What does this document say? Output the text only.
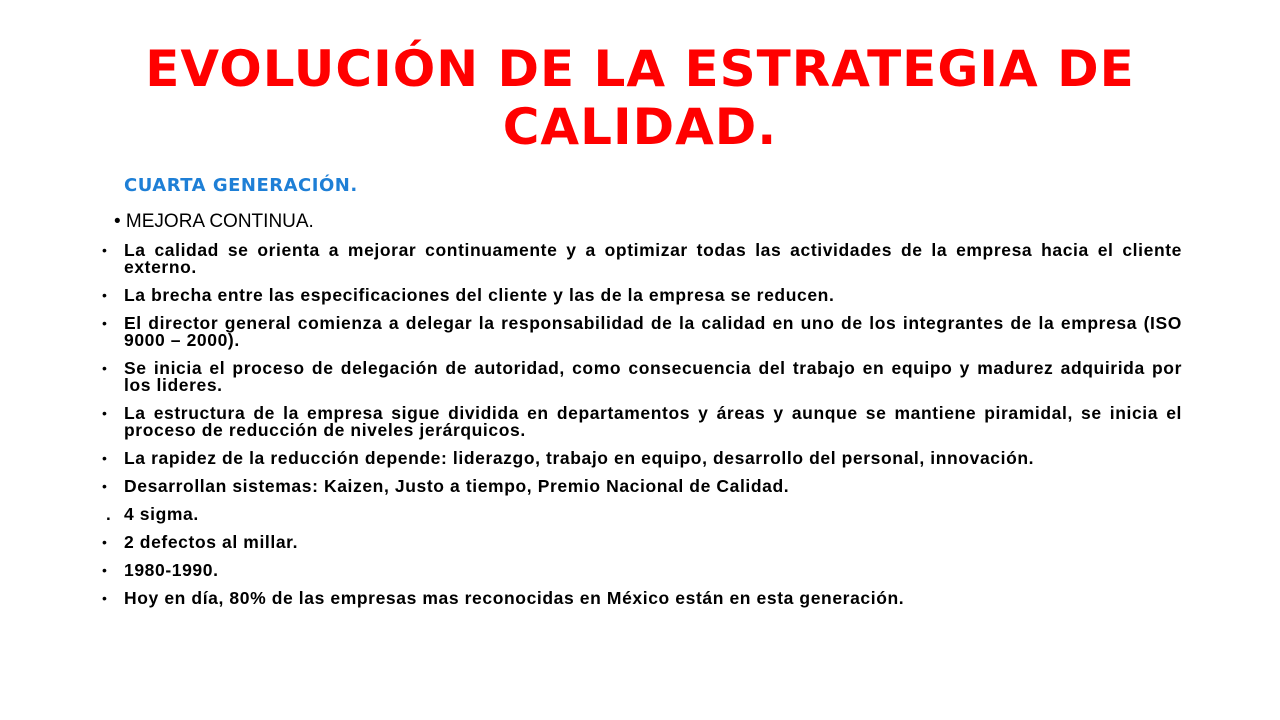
EVOLUCIÓN DE LA ESTRATEGIA DE CALIDAD.

CUARTA GENERACIÓN.

• MEJORA CONTINUA.

• La calidad se orienta a mejorar continuamente y a optimizar todas las actividades de la empresa hacia el cliente externo.
• La brecha entre las especificaciones del cliente y las de la empresa se reducen.
• El director general comienza a delegar la responsabilidad de la calidad en uno de los integrantes de la empresa (ISO 9000 – 2000).
• Se inicia el proceso de delegación de autoridad, como consecuencia del trabajo en equipo y madurez adquirida por los lideres.
• La estructura de la empresa sigue dividida en departamentos y áreas y aunque se mantiene piramidal, se inicia el proceso de reducción de niveles jerárquicos.
• La rapidez de la reducción depende: liderazgo, trabajo en equipo, desarrollo del personal, innovación.
• Desarrollan sistemas: Kaizen, Justo a tiempo, Premio Nacional de Calidad.
. 4 sigma.
• 2 defectos al millar.
• 1980-1990.
• Hoy en día, 80% de las empresas mas reconocidas en México están en esta generación.
